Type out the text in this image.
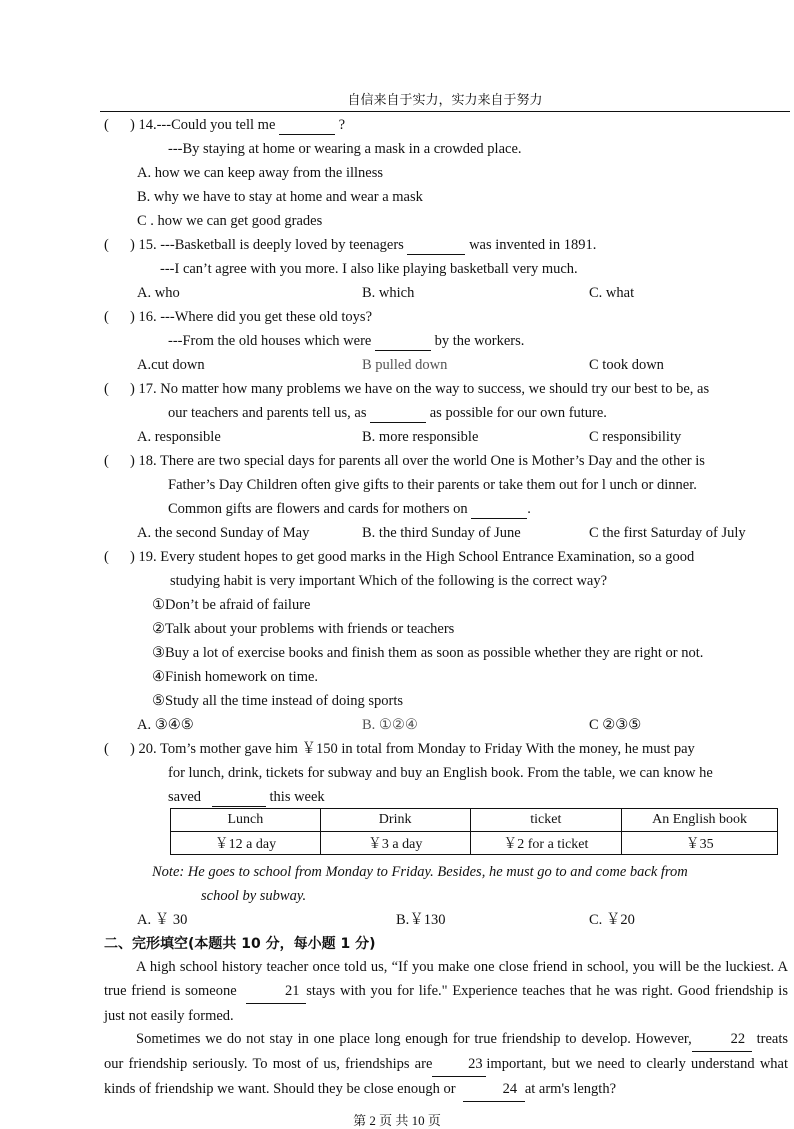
自信来自于实力，实力来自于努力
( ) 14.---Could you tell me	?
---By staying at home or wearing a mask in a crowded place.
A. how we can keep away from the illness
B. why we have to stay at home and wear a mask
C . how we can get good grades
( ) 15. ---Basketball is deeply loved by teenagers	was invented in 1891.
---I can’t agree with you more. I also like playing basketball very much.
A. who	B. which	C. what
( ) 16. ---Where did you get these old toys?
---From the old houses which were	by the workers.
A.cut down	B pulled down	C took down
( ) 17. No matter how many problems we have on the way to success, we should try our best to be, as
our teachers and parents tell us, as	as possible for our own future.
A. responsible	B. more responsible	C responsibility
( ) 18. There are two special days for parents all over the world One is Mother’s Day and the other is
Father’s Day Children often give gifts to their parents or take them out for l unch or dinner.
Common gifts are flowers and cards for mothers on	.
A. the second Sunday of May	B. the third Sunday of June	C the first Saturday of July
( ) 19. Every student hopes to get good marks in the High School Entrance Examination, so a good
studying habit is very important Which of the following is the correct way?
①Don’t be afraid of failure
②Talk about your problems with friends or teachers
③Buy a lot of exercise books and finish them as soon as possible whether they are right or not.
④Finish homework on time.
⑤Study all the time instead of doing sports
A. ③④⑤	B. ①②④	C ②③⑤
( ) 20. Tom’s mother gave him ￥150 in total from Monday to Friday With the money, he must pay
for lunch, drink, tickets for subway and buy an English book. From the table, we can know he
saved	this week
Lunch	Drink	ticket	An English book
￥12 a day	￥3 a day	￥2 for a ticket	￥35
Note: He goes to school from Monday to Friday. Besides, he must go to and come back from
school by subway.
A. ￥ 30	B.￥130	C. ￥20
二、完形填空(本题共 10 分，每小题 1 分)
A high school history teacher once told us, “If you make one close friend in school, you will be the luckiest. A true friend is someone	21 stays with you for life." Experience teaches that he was right. Good friendship is just not easily formed.
Sometimes we do not stay in one place long enough for true friendship to develop. However,	22 treats our friendship seriously. To most of us, friendships are 23 important, but we need to clearly understand what kinds of friendship we want. Should they be close enough or	24 at arm's length?
第 2 页 共 10 页
